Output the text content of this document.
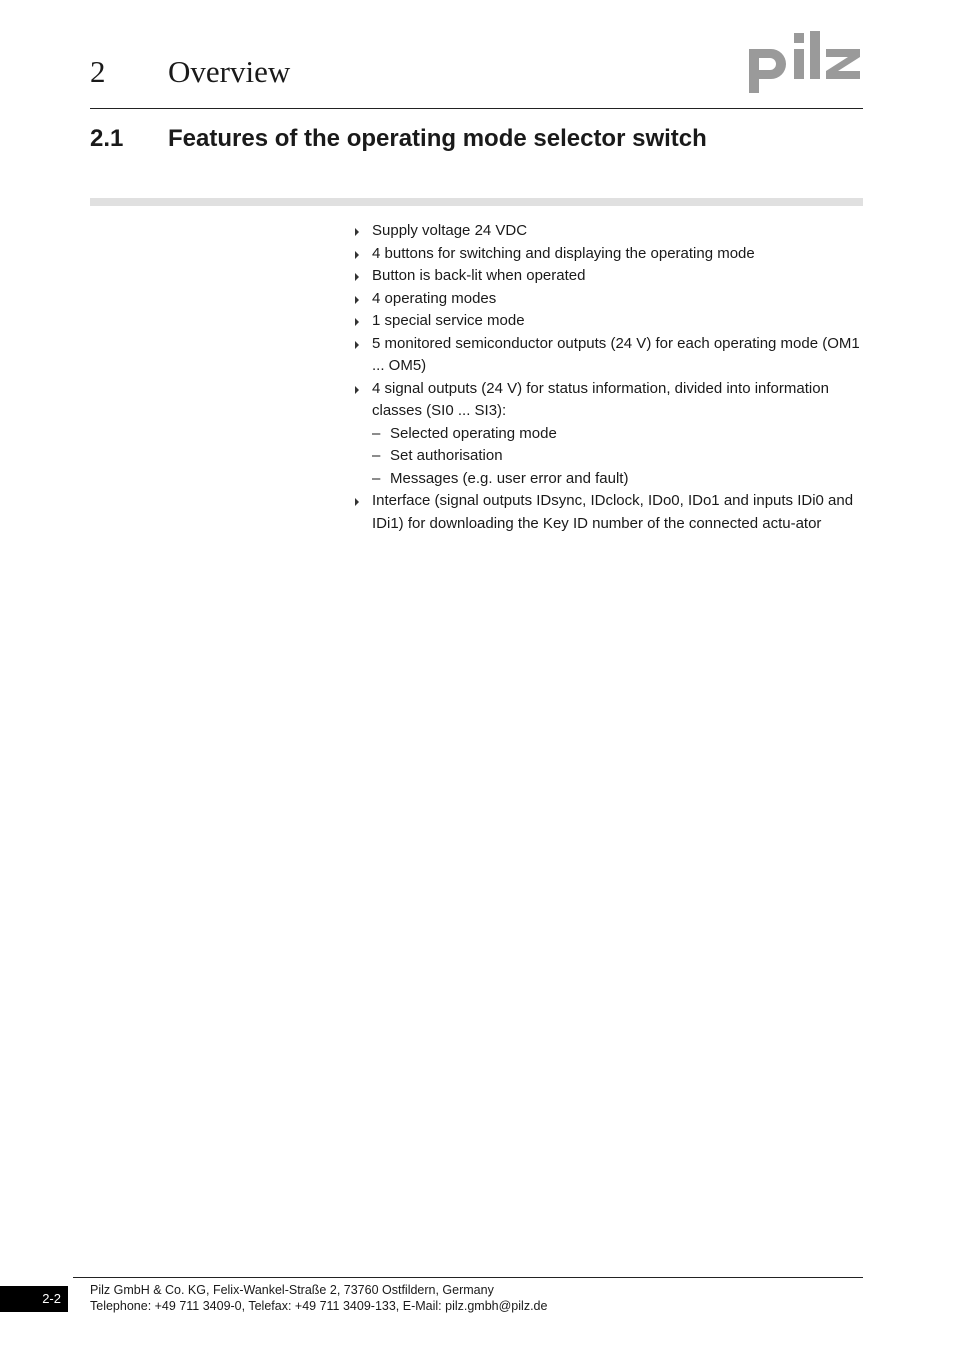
2 Overview
2.1 Features of the operating mode selector switch
Supply voltage 24 VDC
4 buttons for switching and displaying the operating mode
Button is back-lit when operated
4 operating modes
1 special service mode
5 monitored semiconductor outputs (24 V) for each operating mode (OM1 ... OM5)
4 signal outputs (24 V) for status information, divided into information classes (SI0 ... SI3):
– Selected operating mode
– Set authorisation
– Messages (e.g. user error and fault)
Interface (signal outputs IDsync, IDclock, IDo0, IDo1 and inputs IDi0 and IDi1) for downloading the Key ID number of the connected actu-ator
2-2
Pilz GmbH & Co. KG, Felix-Wankel-Straße 2, 73760 Ostfildern, Germany
Telephone: +49 711 3409-0, Telefax: +49 711 3409-133, E-Mail: pilz.gmbh@pilz.de
